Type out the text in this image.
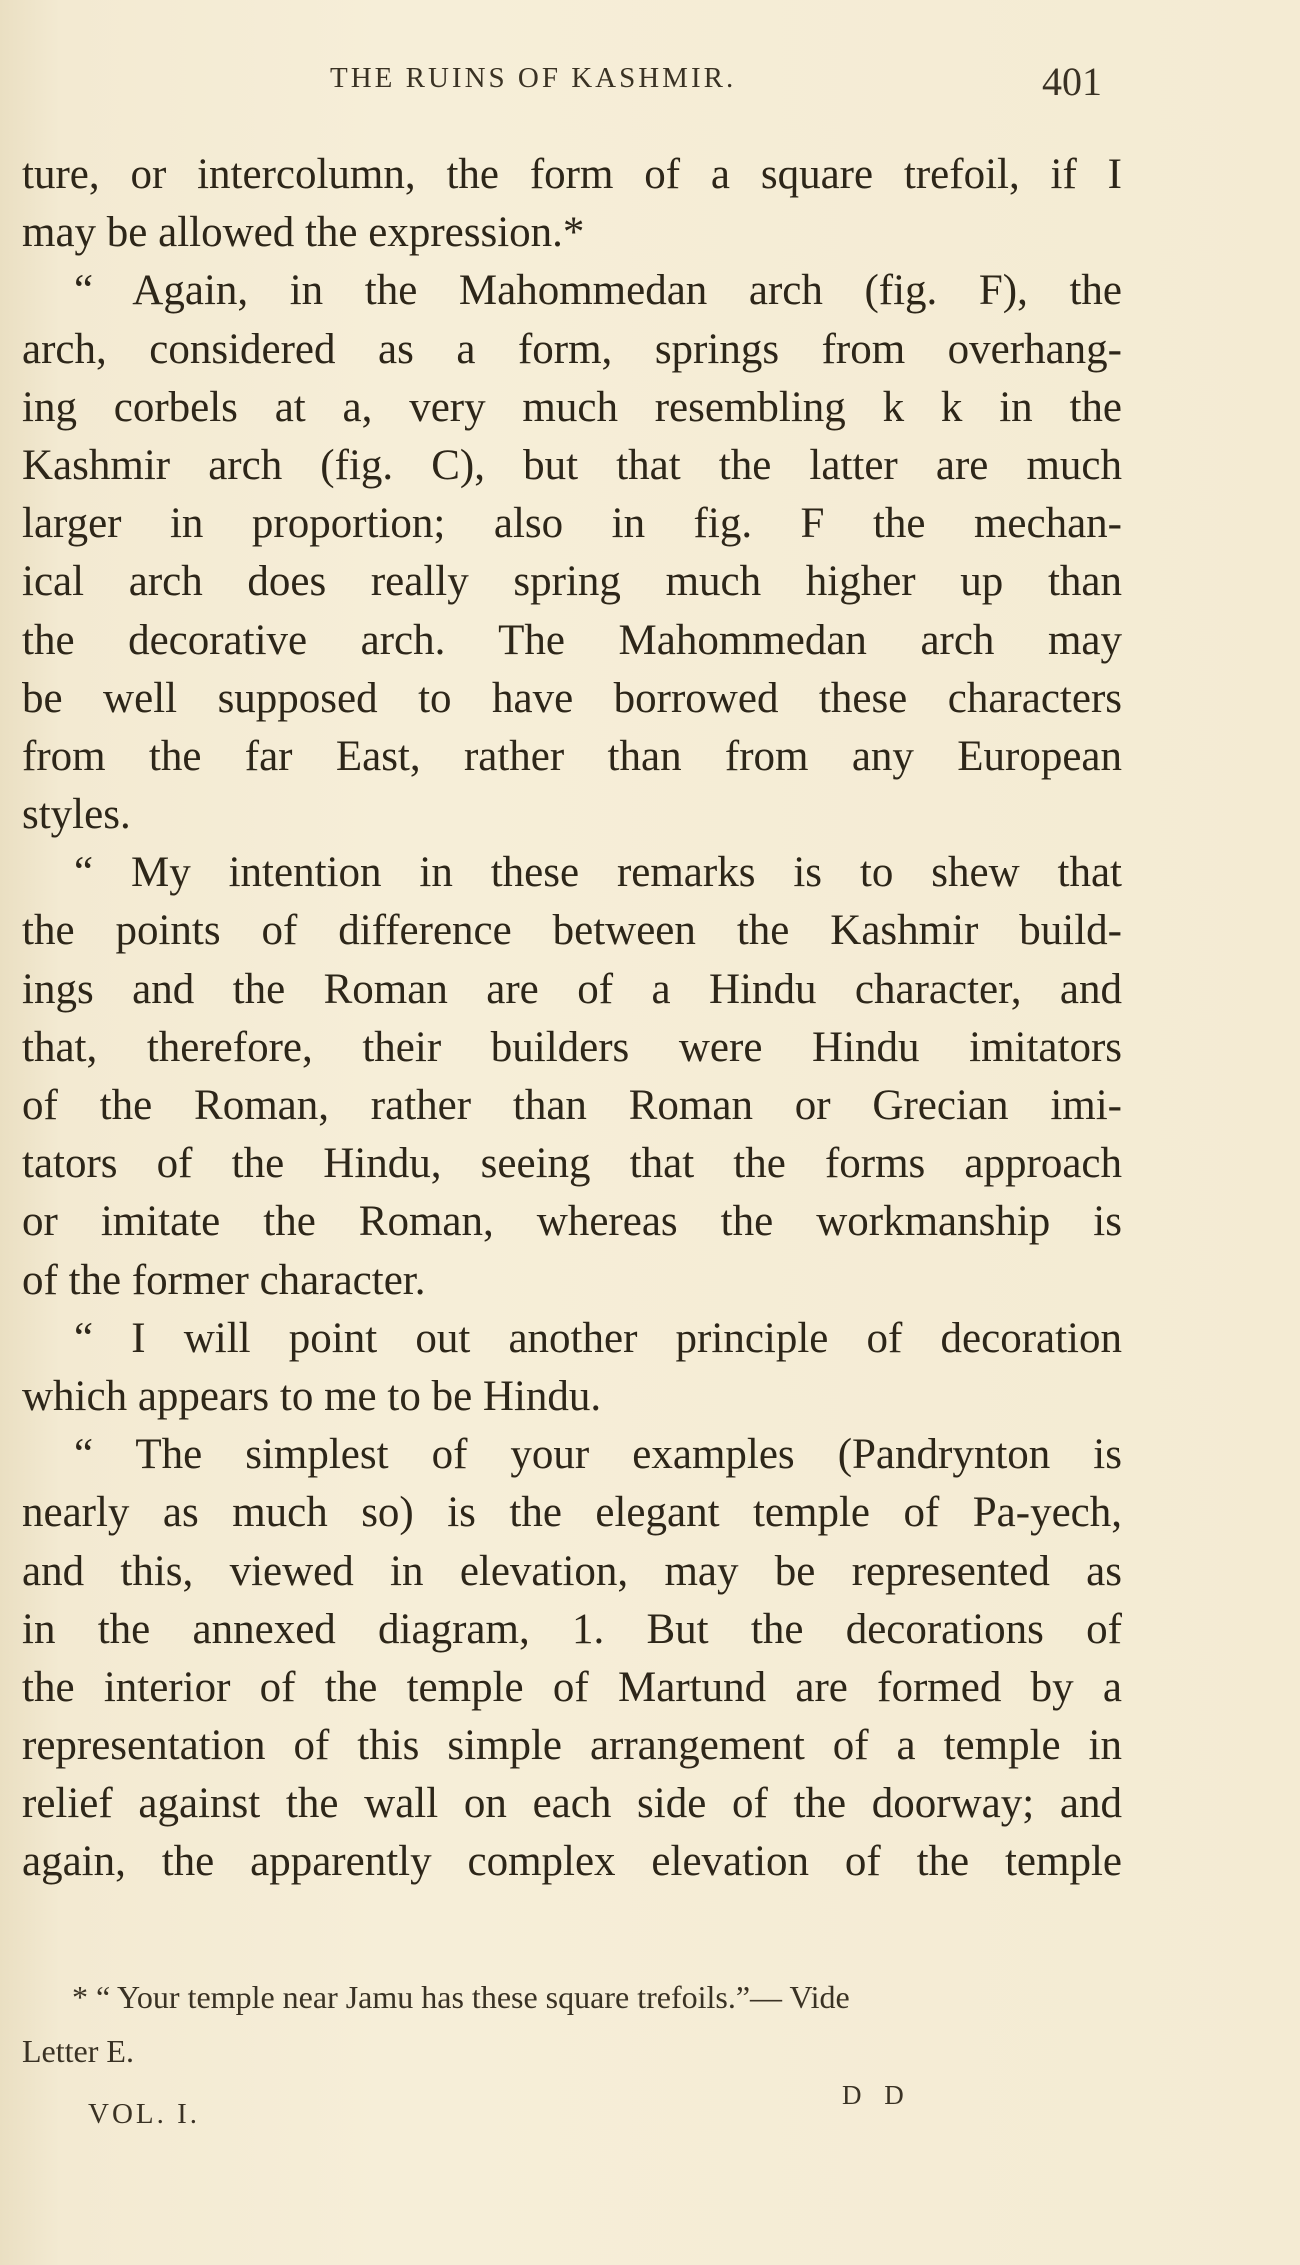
THE RUINS OF KASHMIR.	401
ture, or intercolumn, the form of a square trefoil, if I
may be allowed the expression.*
“ Again, in the Mahommedan arch (fig. F), the
arch, considered as a form, springs from overhang-
ing corbels at a, very much resembling k k in the
Kashmir arch (fig. C), but that the latter are much
larger in proportion; also in fig. F the mechan-
ical arch does really spring much higher up than
the decorative arch. The Mahommedan arch may
be well supposed to have borrowed these characters
from the far East, rather than from any European
styles.
“ My intention in these remarks is to shew that
the points of difference between the Kashmir build-
ings and the Roman are of a Hindu character, and
that, therefore, their builders were Hindu imitators
of the Roman, rather than Roman or Grecian imi-
tators of the Hindu, seeing that the forms approach
or imitate the Roman, whereas the workmanship is
of the former character.
“ I will point out another principle of decoration
which appears to me to be Hindu.
“ The simplest of your examples (Pandrynton is
nearly as much so) is the elegant temple of Pa-yech,
and this, viewed in elevation, may be represented as
in the annexed diagram, 1. But the decorations of
the interior of the temple of Martund are formed by a
representation of this simple arrangement of a temple in
relief against the wall on each side of the doorway; and
again, the apparently complex elevation of the temple
* “ Your temple near Jamu has these square trefoils.”— Vide
Letter E.
VOL. I.
D D
